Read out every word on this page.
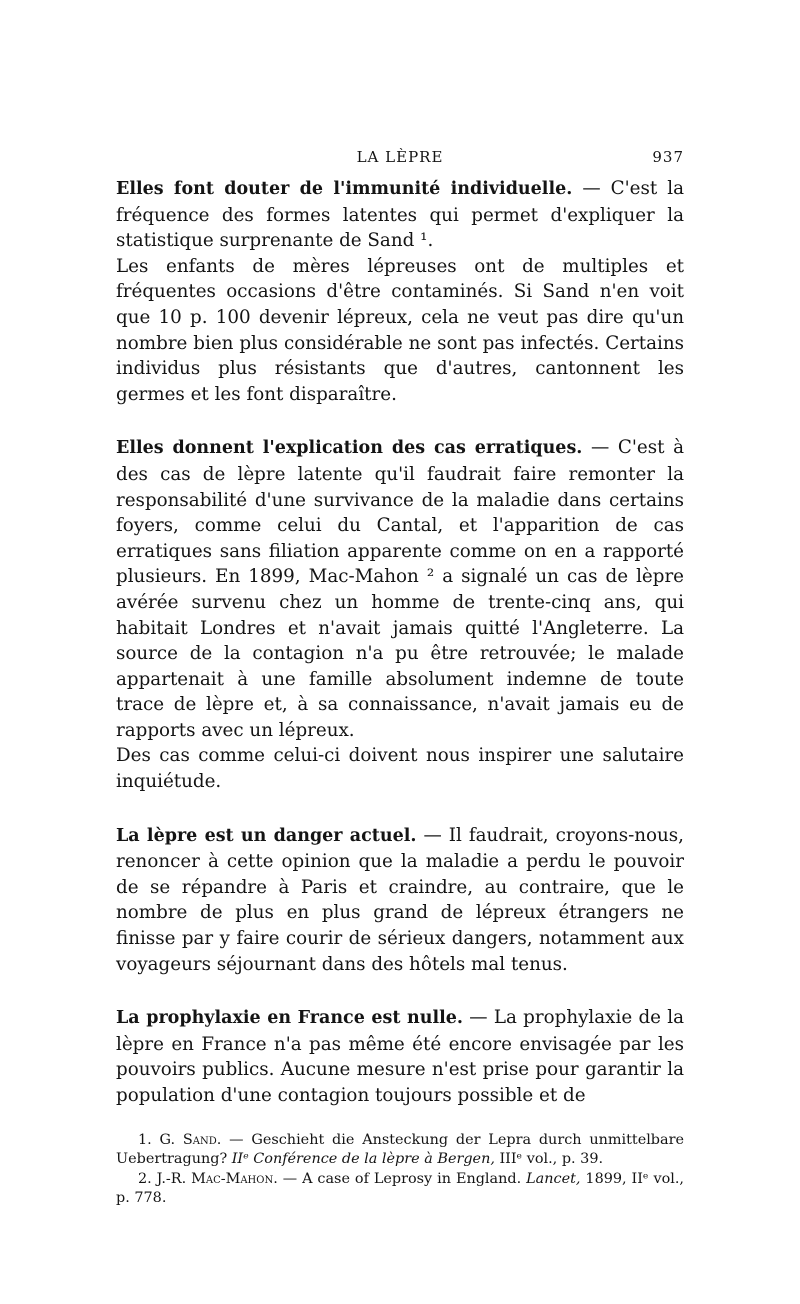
LA LÈPRE	937

Elles font douter de l'immunité individuelle. — C'est la fréquence des formes latentes qui permet d'expliquer la statistique surprenante de Sand ¹.

Les enfants de mères lépreuses ont de multiples et fréquentes occasions d'être contaminés. Si Sand n'en voit que 10 p. 100 devenir lépreux, cela ne veut pas dire qu'un nombre bien plus considérable ne sont pas infectés. Certains individus plus résistants que d'autres, cantonnent les germes et les font disparaître.

Elles donnent l'explication des cas erratiques. — C'est à des cas de lèpre latente qu'il faudrait faire remonter la responsabilité d'une survivance de la maladie dans certains foyers, comme celui du Cantal, et l'apparition de cas erratiques sans filiation apparente comme on en a rapporté plusieurs. En 1899, Mac-Mahon ² a signalé un cas de lèpre avérée survenu chez un homme de trente-cinq ans, qui habitait Londres et n'avait jamais quitté l'Angleterre. La source de la contagion n'a pu être retrouvée; le malade appartenait à une famille absolument indemne de toute trace de lèpre et, à sa connaissance, n'avait jamais eu de rapports avec un lépreux.

Des cas comme celui-ci doivent nous inspirer une salutaire inquiétude.

La lèpre est un danger actuel. — Il faudrait, croyons-nous, renoncer à cette opinion que la maladie a perdu le pouvoir de se répandre à Paris et craindre, au contraire, que le nombre de plus en plus grand de lépreux étrangers ne finisse par y faire courir de sérieux dangers, notamment aux voyageurs séjournant dans des hôtels mal tenus.

La prophylaxie en France est nulle. — La prophylaxie de la lèpre en France n'a pas même été encore envisagée par les pouvoirs publics. Aucune mesure n'est prise pour garantir la population d'une contagion toujours possible et de

1. G. Sand. — Geschieht die Ansteckung der Lepra durch unmittelbare Uebertragung? IIᵉ Conférence de la lèpre à Bergen, IIIᵉ vol., p. 39.

2. J.-R. Mac-Mahon. — A case of Leprosy in England. Lancet, 1899, IIᵉ vol., p. 778.
